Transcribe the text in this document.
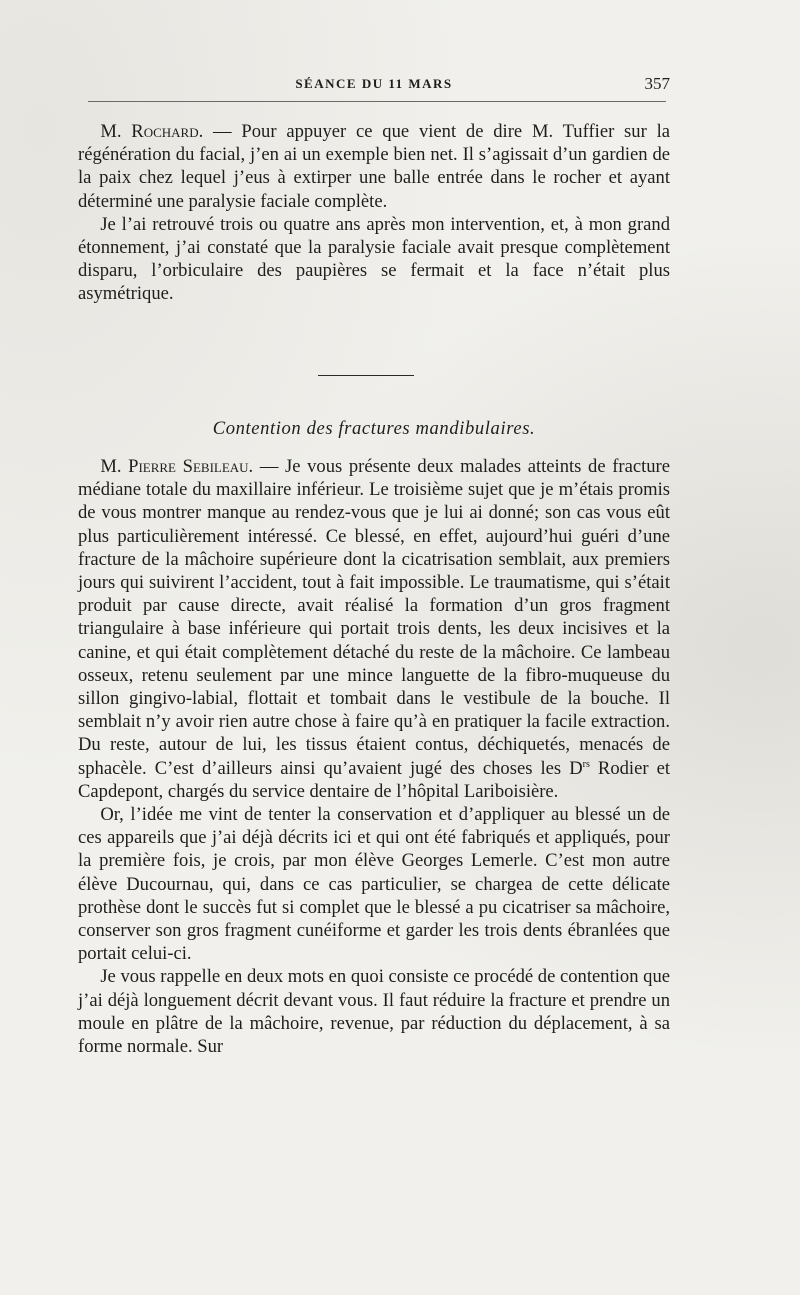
SÉANCE DU 11 MARS	357

M. Rochard. — Pour appuyer ce que vient de dire M. Tuffier sur la régénération du facial, j’en ai un exemple bien net. Il s’agissait d’un gardien de la paix chez lequel j’eus à extirper une balle entrée dans le rocher et ayant déterminé une paralysie faciale complète.

Je l’ai retrouvé trois ou quatre ans après mon intervention, et, à mon grand étonnement, j’ai constaté que la paralysie faciale avait presque complètement disparu, l’orbiculaire des paupières se fermait et la face n’était plus asymétrique.

Contention des fractures mandibulaires.

M. Pierre Sebileau. — Je vous présente deux malades atteints de fracture médiane totale du maxillaire inférieur. Le troisième sujet que je m’étais promis de vous montrer manque au rendez-vous que je lui ai donné; son cas vous eût plus particulièrement intéressé. Ce blessé, en effet, aujourd’hui guéri d’une fracture de la mâchoire supérieure dont la cicatrisation semblait, aux premiers jours qui suivirent l’accident, tout à fait impossible. Le traumatisme, qui s’était produit par cause directe, avait réalisé la formation d’un gros fragment triangulaire à base inférieure qui portait trois dents, les deux incisives et la canine, et qui était complètement détaché du reste de la mâchoire. Ce lambeau osseux, retenu seulement par une mince languette de la fibro-muqueuse du sillon gingivo-labial, flottait et tombait dans le vestibule de la bouche. Il semblait n’y avoir rien autre chose à faire qu’à en pratiquer la facile extraction. Du reste, autour de lui, les tissus étaient contus, déchiquetés, menacés de sphacèle. C’est d’ailleurs ainsi qu’avaient jugé des choses les $D^{rs}$ Rodier et Capdepont, chargés du service dentaire de l’hôpital Lariboisière.

Or, l’idée me vint de tenter la conservation et d’appliquer au blessé un de ces appareils que j’ai déjà décrits ici et qui ont été fabriqués et appliqués, pour la première fois, je crois, par mon élève Georges Lemerle. C’est mon autre élève Ducournau, qui, dans ce cas particulier, se chargea de cette délicate prothèse dont le succès fut si complet que le blessé a pu cicatriser sa mâchoire, conserver son gros fragment cunéiforme et garder les trois dents ébranlées que portait celui-ci.

Je vous rappelle en deux mots en quoi consiste ce procédé de contention que j’ai déjà longuement décrit devant vous. Il faut réduire la fracture et prendre un moule en plâtre de la mâchoire, revenue, par réduction du déplacement, à sa forme normale. Sur
